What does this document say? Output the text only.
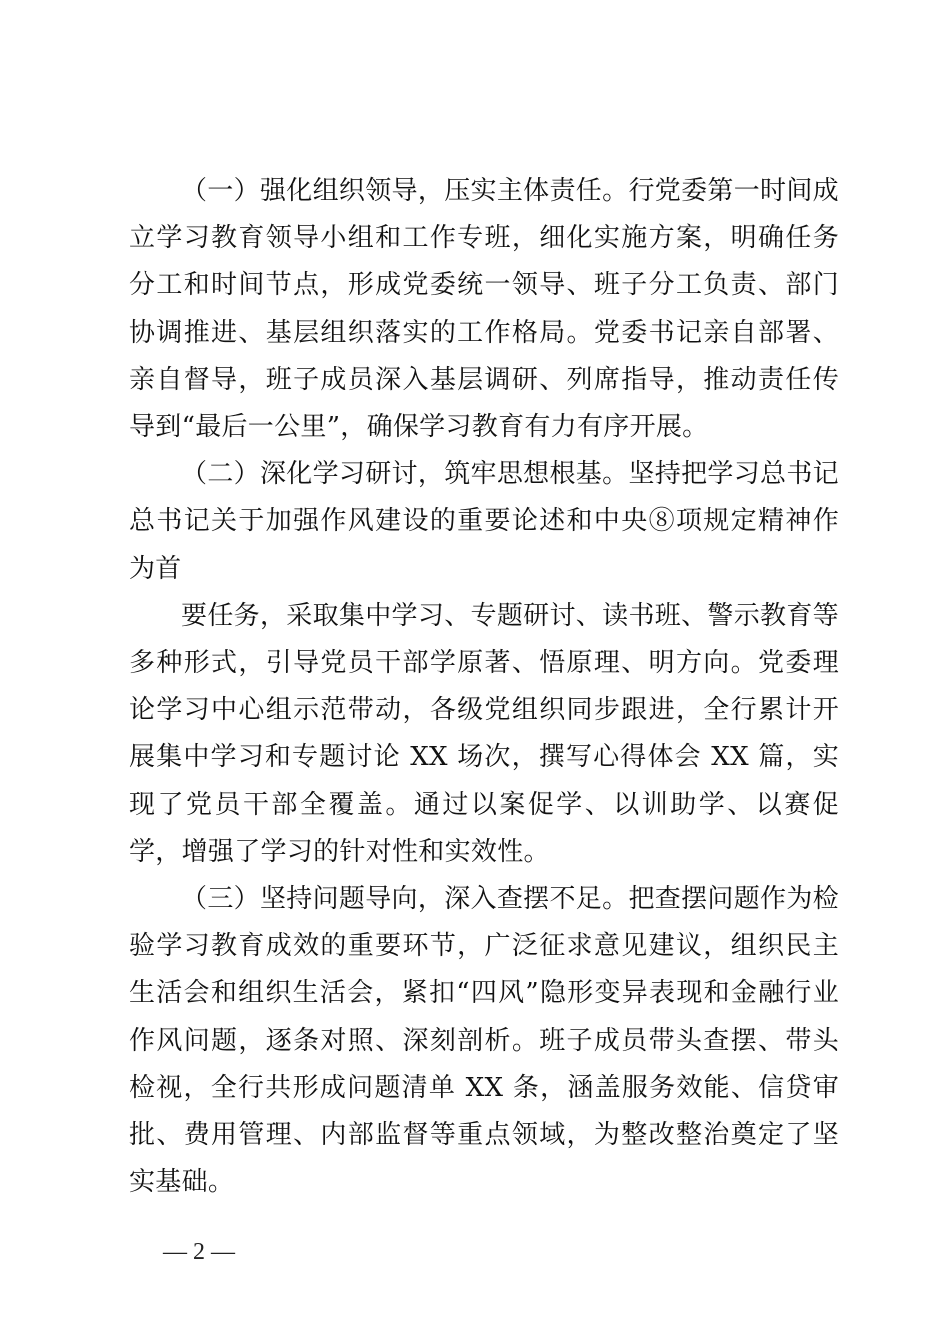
（一）强化组织领导，压实主体责任。行党委第一时间成立学习教育领导小组和工作专班，细化实施方案，明确任务分工和时间节点，形成党委统一领导、班子分工负责、部门协调推进、基层组织落实的工作格局。党委书记亲自部署、亲自督导，班子成员深入基层调研、列席指导，推动责任传导到“最后一公里”，确保学习教育有力有序开展。

（二）深化学习研讨，筑牢思想根基。坚持把学习总书记总书记关于加强作风建设的重要论述和中央⑧项规定精神作为首

要任务，采取集中学习、专题研讨、读书班、警示教育等多种形式，引导党员干部学原著、悟原理、明方向。党委理论学习中心组示范带动，各级党组织同步跟进，全行累计开展集中学习和专题讨论 XX 场次，撰写心得体会 XX 篇，实现了党员干部全覆盖。通过以案促学、以训助学、以赛促学，增强了学习的针对性和实效性。

（三）坚持问题导向，深入查摆不足。把查摆问题作为检验学习教育成效的重要环节，广泛征求意见建议，组织民主生活会和组织生活会，紧扣“四风”隐形变异表现和金融行业作风问题，逐条对照、深刻剖析。班子成员带头查摆、带头检视，全行共形成问题清单 XX 条，涵盖服务效能、信贷审批、费用管理、内部监督等重点领域，为整改整治奠定了坚实基础。

— 2 —
